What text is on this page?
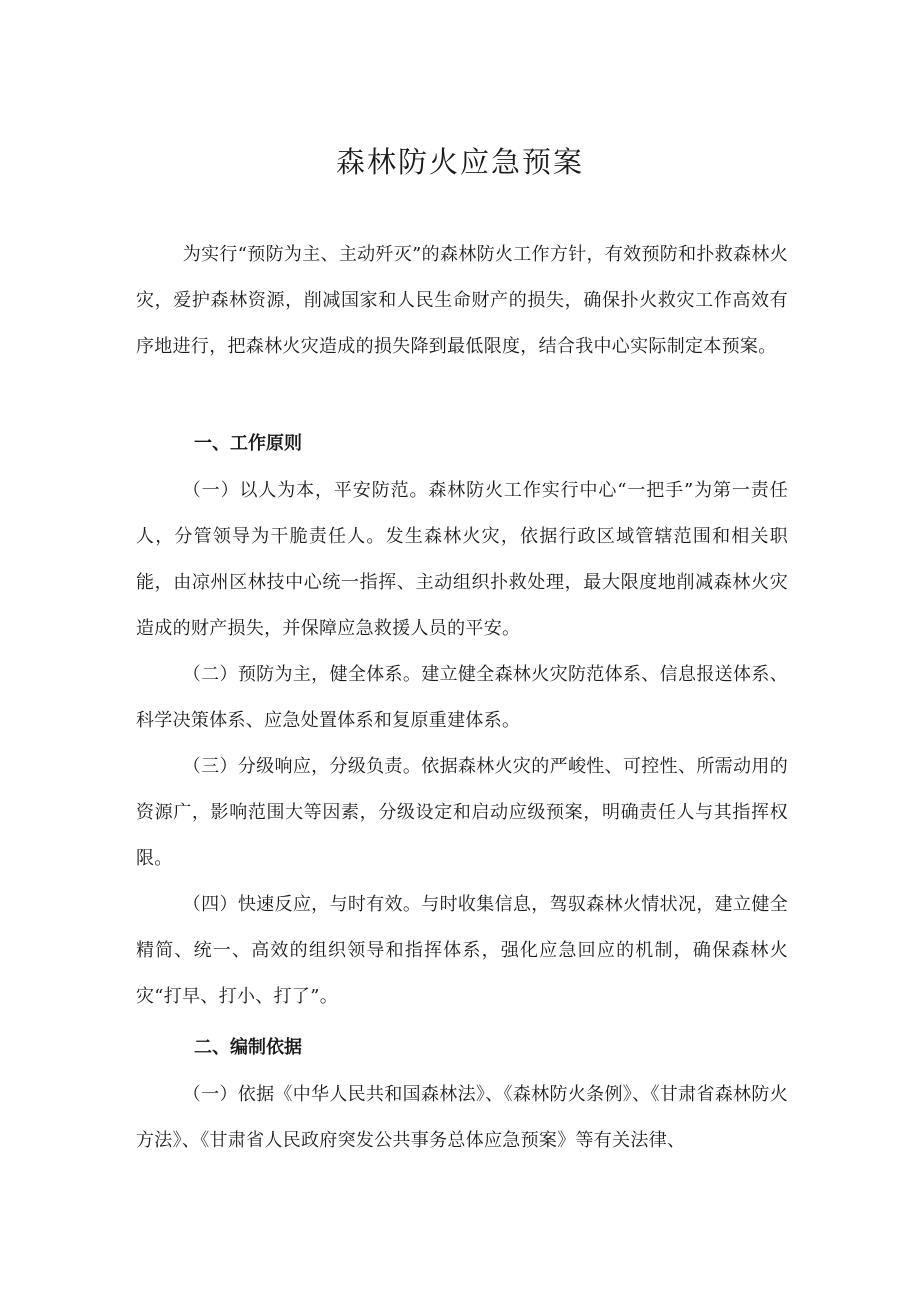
森林防火应急预案

为实行“预防为主、主动歼灭”的森林防火工作方针，有效预防和扑救森林火灾，爱护森林资源，削减国家和人民生命财产的损失，确保扑火救灾工作高效有序地进行，把森林火灾造成的损失降到最低限度，结合我中心实际制定本预案。

一、工作原则

（一）以人为本，平安防范。森林防火工作实行中心“一把手”为第一责任人，分管领导为干脆责任人。发生森林火灾，依据行政区域管辖范围和相关职能，由凉州区林技中心统一指挥、主动组织扑救处理，最大限度地削减森林火灾造成的财产损失，并保障应急救援人员的平安。

（二）预防为主，健全体系。建立健全森林火灾防范体系、信息报送体系、科学决策体系、应急处置体系和复原重建体系。

（三）分级响应，分级负责。依据森林火灾的严峻性、可控性、所需动用的资源广，影响范围大等因素，分级设定和启动应级预案，明确责任人与其指挥权限。

（四）快速反应，与时有效。与时收集信息，驾驭森林火情状况，建立健全精简、统一、高效的组织领导和指挥体系，强化应急回应的机制，确保森林火灾“打早、打小、打了”。

二、编制依据

（一）依据《中华人民共和国森林法》、《森林防火条例》、《甘肃省森林防火方法》、《甘肃省人民政府突发公共事务总体应急预案》等有关法律、
